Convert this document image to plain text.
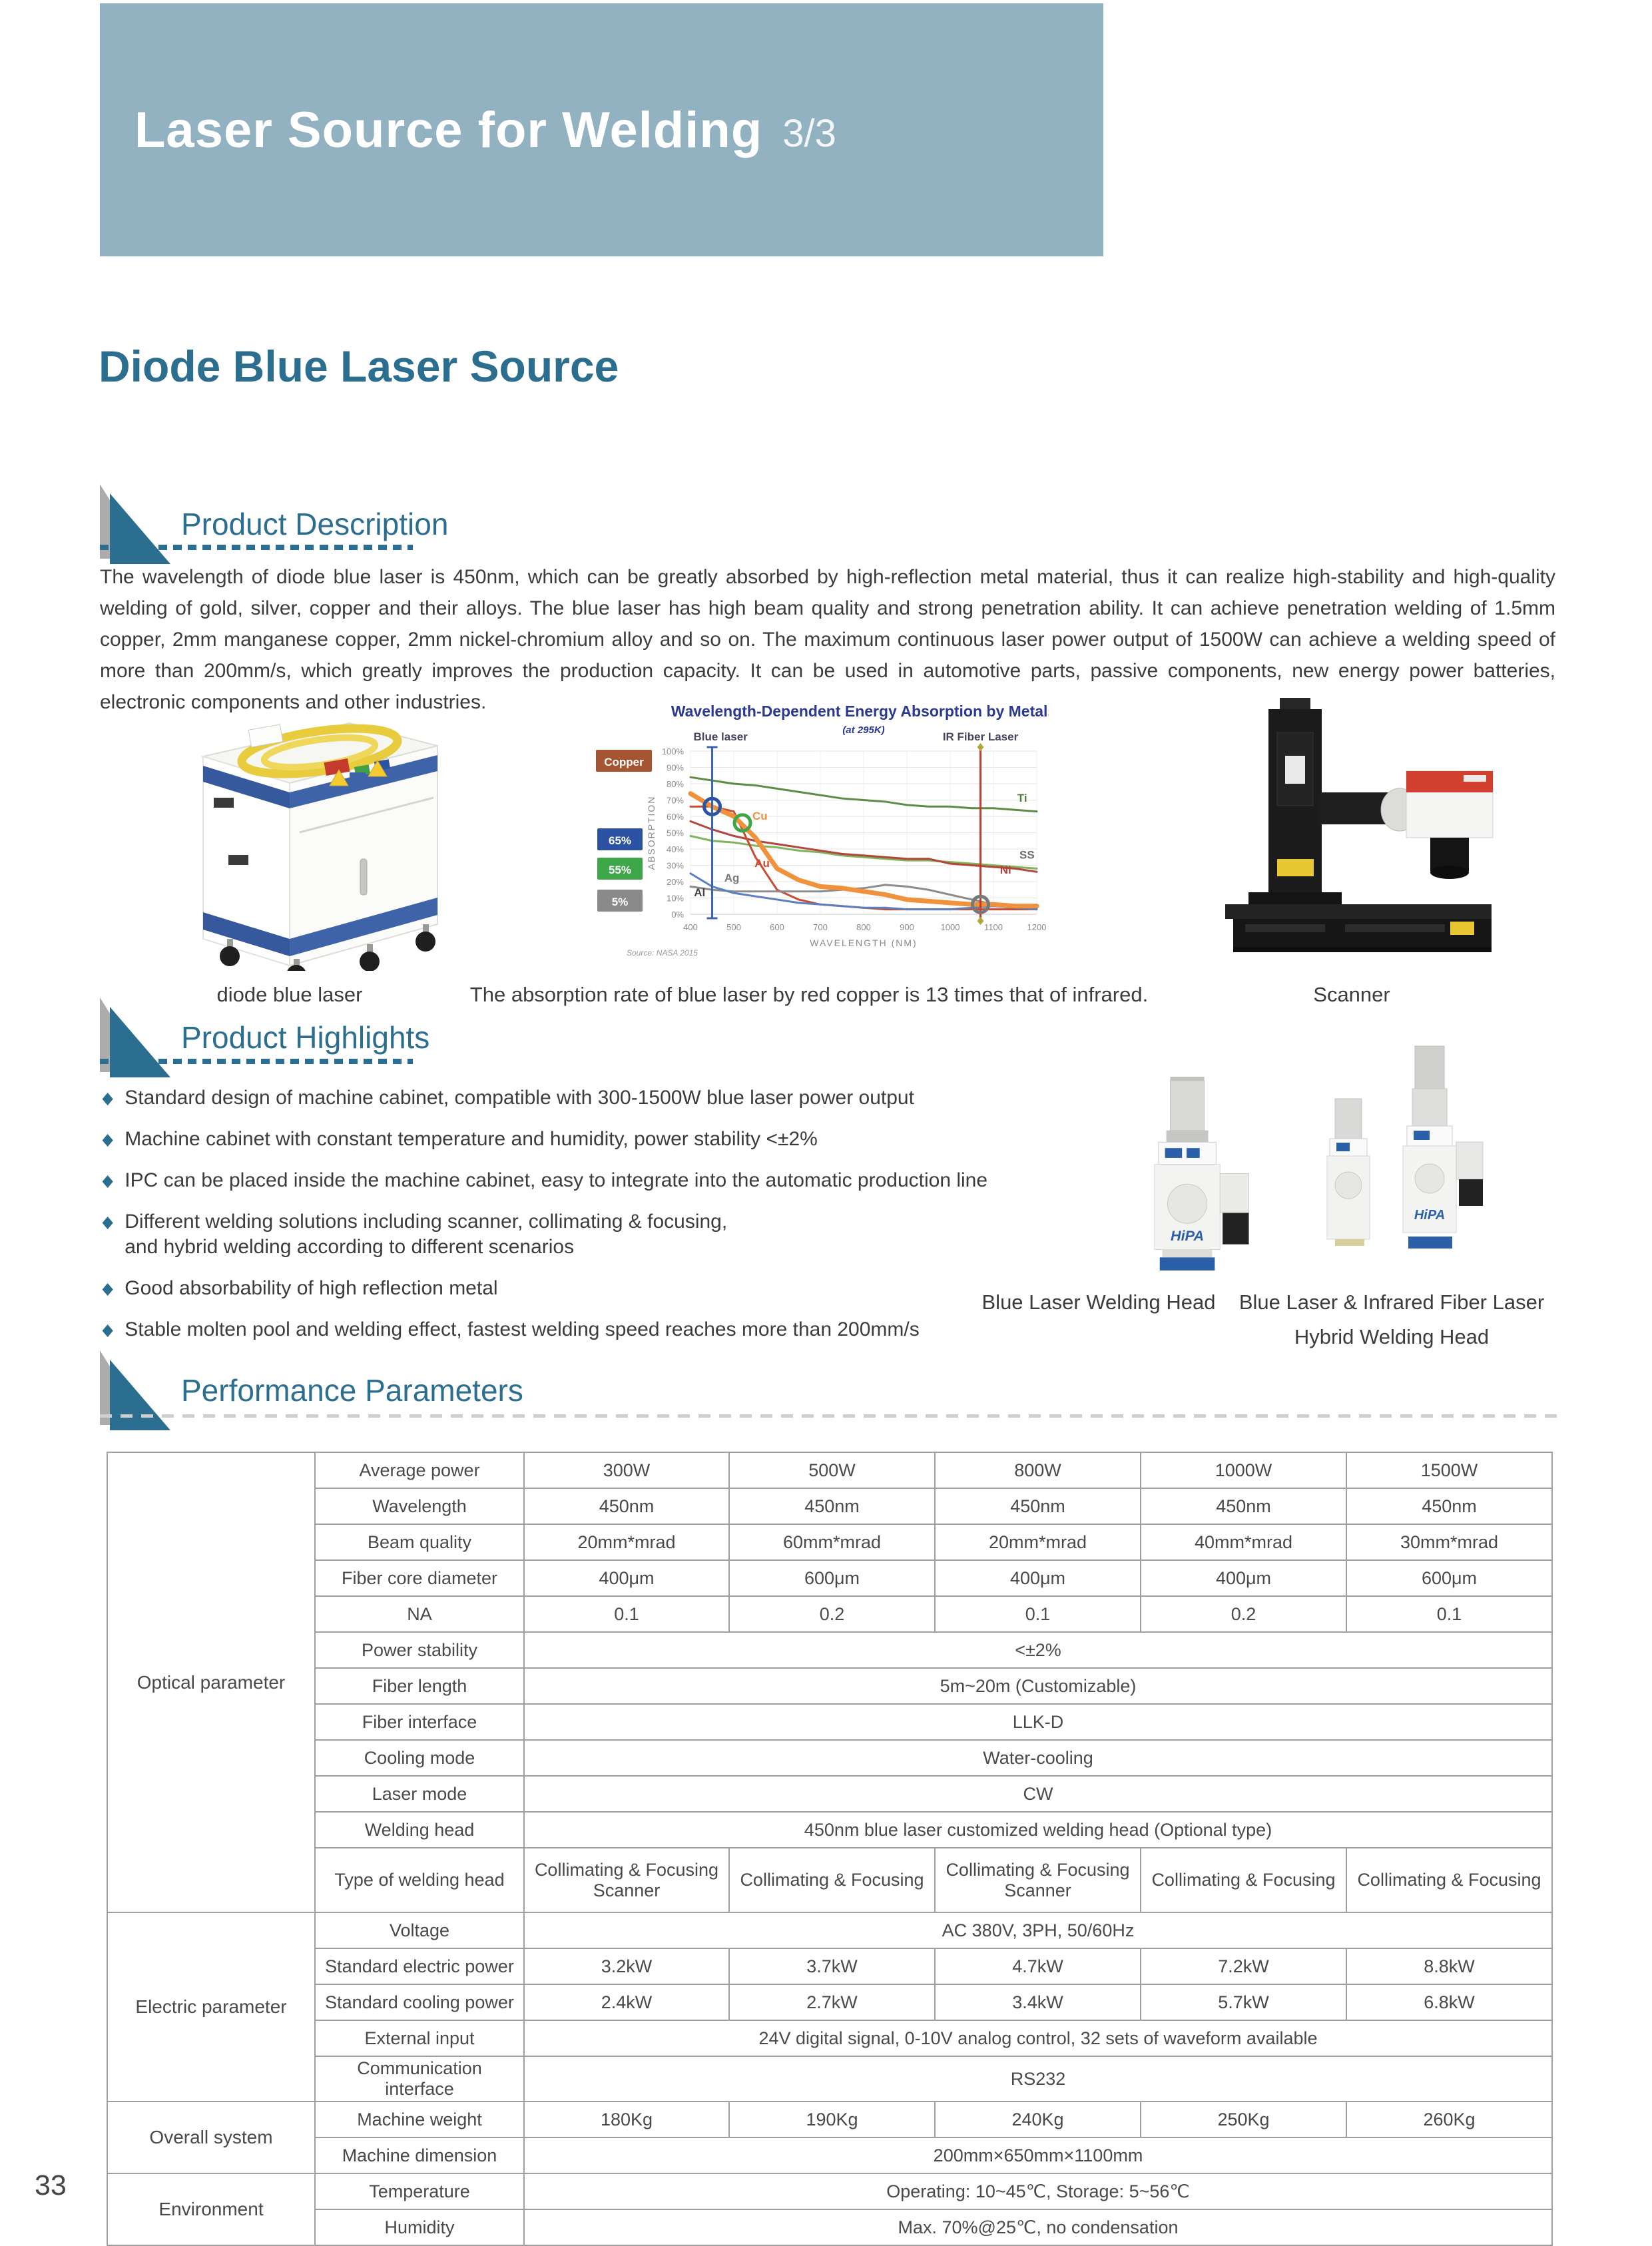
Laser Source for Welding 3/3
Diode Blue Laser Source
Product Description

The wavelength of diode blue laser is 450nm, which can be greatly absorbed by high-reflection metal material, thus it can realize high-stability and high-quality welding of gold, silver, copper and their alloys. The blue laser has high beam quality and strong penetration ability. It can achieve penetration welding of 1.5mm copper, 2mm manganese copper, 2mm nickel-chromium alloy and so on. The maximum continuous laser power output of 1500W can achieve a welding speed of more than 200mm/s, which greatly improves the production capacity. It can be used in automotive parts, passive components, new energy power batteries, electronic components and other industries.

0%
10%
20%
30%
40%
50%
60%
70%
80%
90%
100%
400	500	600	700	800	900	1000	1100	1200
Ti
SS
Ni
Au
Ag
Al
Cu
Blue laser	IR Fiber Laser
Copper
65%
55%
5%
Wavelength-Dependent Energy Absorption by Metals
(at 295K)
ABSORPTION
WAVELENGTH (NM)
Source: NASA 2015
diode blue laser	The absorption rate of blue laser by red copper is 13 times that of infrared.	Scanner
Product Highlights
◆
Standard design of machine cabinet, compatible with 300-1500W blue laser power output
◆
Machine cabinet with constant temperature and humidity, power stability <±2%
◆
IPC can be placed inside the machine cabinet, easy to integrate into the automatic production line
◆
Different welding solutions including scanner, collimating & focusing,
and hybrid welding according to different scenarios
◆
Good absorbability of high reflection metal
◆
Stable molten pool and welding effect, fastest welding speed reaches more than 200mm/s
HiPA
HiPA
Blue Laser Welding Head	Blue Laser & Infrared Fiber Laser
Hybrid Welding Head
Performance Parameters
Optical parameter	Average power	300W	500W	800W	1000W	1500W
	Wavelength	450nm	450nm	450nm	450nm	450nm
	Beam quality	20mm*mrad	60mm*mrad	20mm*mrad	40mm*mrad	30mm*mrad
	Fiber core diameter	400μm	600μm	400μm	400μm	600μm
	NA	0.1	0.2	0.1	0.2	0.1
	Power stability	<±2%				
	Fiber length	5m~20m (Customizable)				
	Fiber interface	LLK-D				
	Cooling mode	Water-cooling				
	Laser mode	CW				
	Welding head	450nm blue laser customized welding head (Optional type)				
	Type of welding head	Collimating & Focusing Scanner	Collimating & Focusing	Collimating & Focusing Scanner	Collimating & Focusing	Collimating & Focusing
Electric parameter	Voltage	AC 380V, 3PH, 50/60Hz				
	Standard electric power	3.2kW	3.7kW	4.7kW	7.2kW	8.8kW
	Standard cooling power	2.4kW	2.7kW	3.4kW	5.7kW	6.8kW
	External input	24V digital signal, 0-10V analog control, 32 sets of waveform available				
	Communication interface	RS232				
Overall system	Machine weight	180Kg	190Kg	240Kg	250Kg	260Kg
	Machine dimension	200mm×650mm×1100mm				
Environment	Temperature	Operating: 10~45℃, Storage: 5~56℃				
	Humidity	Max. 70%@25℃, no condensation				
33
